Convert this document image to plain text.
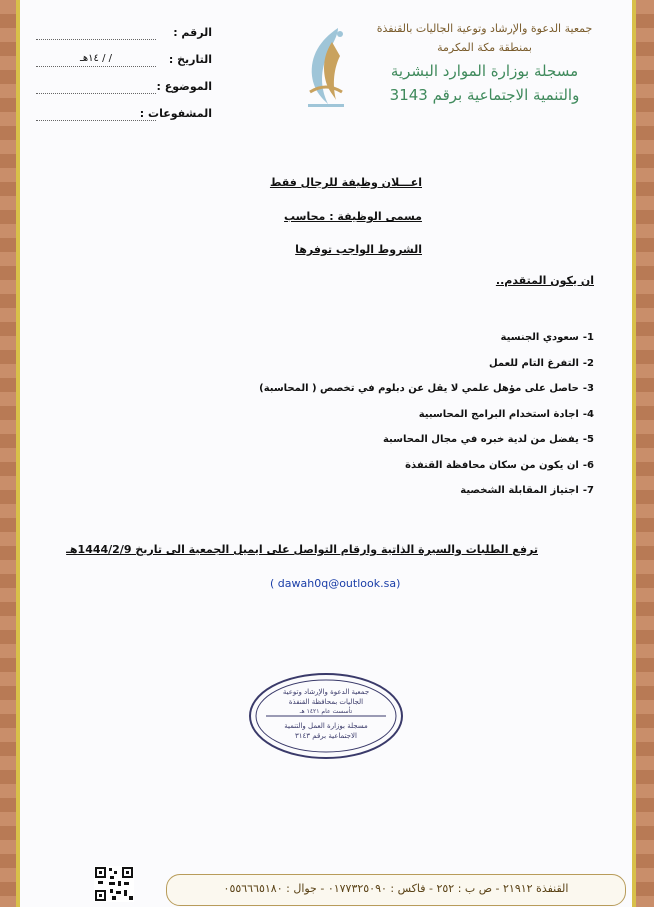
جمعية الدعوة والإرشاد وتوعية الجاليات بالقنفذة
بمنطقة مكة المكرمة
مسجلة بوزارة الموارد البشرية
والتنمية الاجتماعية برقم 3143
الرقم :
التاريخ :
/ / ١٤هـ
الموضوع :
المشفوعات :
اعـــلان وظيفة للرجال فقط
مسمى الوظيفة : محاسب
الشروط الواجب توفرها
ان يكون المتقدم..
1-سعودي الجنسية
2-التفرغ التام للعمل
3-حاصل على مؤهل علمي لا يقل عن دبلوم في تخصص ( المحاسبة)
4-اجادة استخدام البرامج المحاسبية
5-يفضل من لدية خبره في مجال المحاسبة
6-ان يكون من سكان محافظة القنفذة
7-اجتياز المقابلة الشخصية
ترفع الطلبات والسيرة الذاتية وارقام التواصل على ايميل الجمعية الى تاريخ 1444/2/9هـ
( dawah0q@outlook.sa)
جمعية الدعوة والإرشاد وتوعية
الجاليات بمحافظة القنفذة
تأسست عام ١٤٢١ هـ
مسجلة بوزارة العمل والتنمية
الاجتماعية برقم ٣١٤٣
القنفذة ٢١٩١٢ - ص ب : ٢٥٢ - فاكس : ٠١٧٧٣٢٥٠٩٠ - جوال : ٠٥٥٦٦٦٥١٨٠
